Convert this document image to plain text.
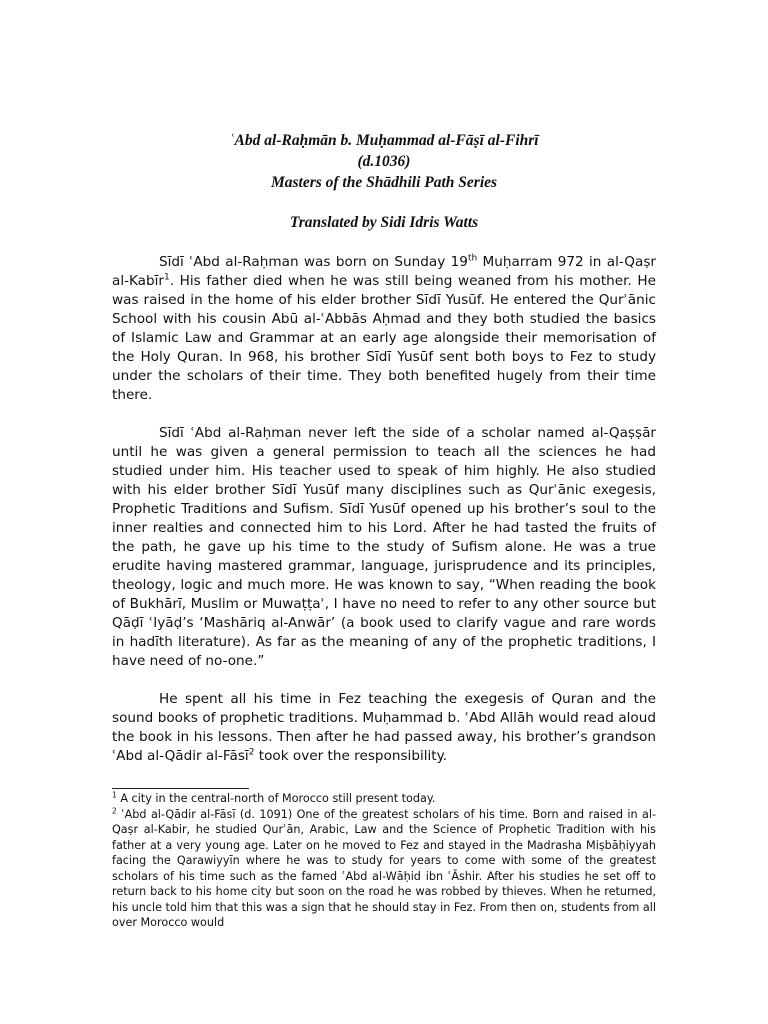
ʿAbd al-Raḥmān b. Muḥammad al-Fāṣī al-Fihrī
(d.1036)
Masters of the Shādhili Path Series
Translated by Sidi Idris Watts

Sīdī ʿAbd al-Raḥman was born on Sunday 19th Muḥarram 972 in al-Qaṣr al-Kabīr$^1$. His father died when he was still being weaned from his mother. He was raised in the home of his elder brother Sīdī Yusūf. He entered the Qurʾānic School with his cousin Abū al-ʿAbbās Aḥmad and they both studied the basics of Islamic Law and Grammar at an early age alongside their memorisation of the Holy Quran. In 968, his brother Sīdī Yusūf sent both boys to Fez to study under the scholars of their time. They both benefited hugely from their time there.

Sīdī ʿAbd al-Raḥman never left the side of a scholar named al-Qaṣṣār until he was given a general permission to teach all the sciences he had studied under him. His teacher used to speak of him highly. He also studied with his elder brother Sīdī Yusūf many disciplines such as Qurʾānic exegesis, Prophetic Traditions and Sufism. Sīdī Yusūf opened up his brother’s soul to the inner realties and connected him to his Lord. After he had tasted the fruits of the path, he gave up his time to the study of Sufism alone. He was a true erudite having mastered grammar, language, jurisprudence and its principles, theology, logic and much more. He was known to say, “When reading the book of Bukhārī, Muslim or Muwaṭṭaʾ, I have no need to refer to any other source but Qāḍī ʿIyāḍ’s ‘Mashāriq al-Anwār’ (a book used to clarify vague and rare words in hadīth literature). As far as the meaning of any of the prophetic traditions, I have need of no-one.”

He spent all his time in Fez teaching the exegesis of Quran and the sound books of prophetic traditions. Muḥammad b. ʿAbd Allāh would read aloud the book in his lessons. Then after he had passed away, his brother’s grandson ʿAbd al-Qādir al-Fāsī$^2$ took over the responsibility.

$^1$ A city in the central-north of Morocco still present today.

$^2$ ʿAbd al-Qādir al-Fāsī (d. 1091) One of the greatest scholars of his time. Born and raised in al-Qaṣr al-Kabir, he studied Qurʾān, Arabic, Law and the Science of Prophetic Tradition with his father at a very young age. Later on he moved to Fez and stayed in the Madrasha Miṣbāḥiyyah facing the Qarawiyyīn where he was to study for years to come with some of the greatest scholars of his time such as the famed ʿAbd al-Wāḥid ibn ʿĀshir. After his studies he set off to return back to his home city but soon on the road he was robbed by thieves. When he returned, his uncle told him that this was a sign that he should stay in Fez. From then on, students from all over Morocco would
